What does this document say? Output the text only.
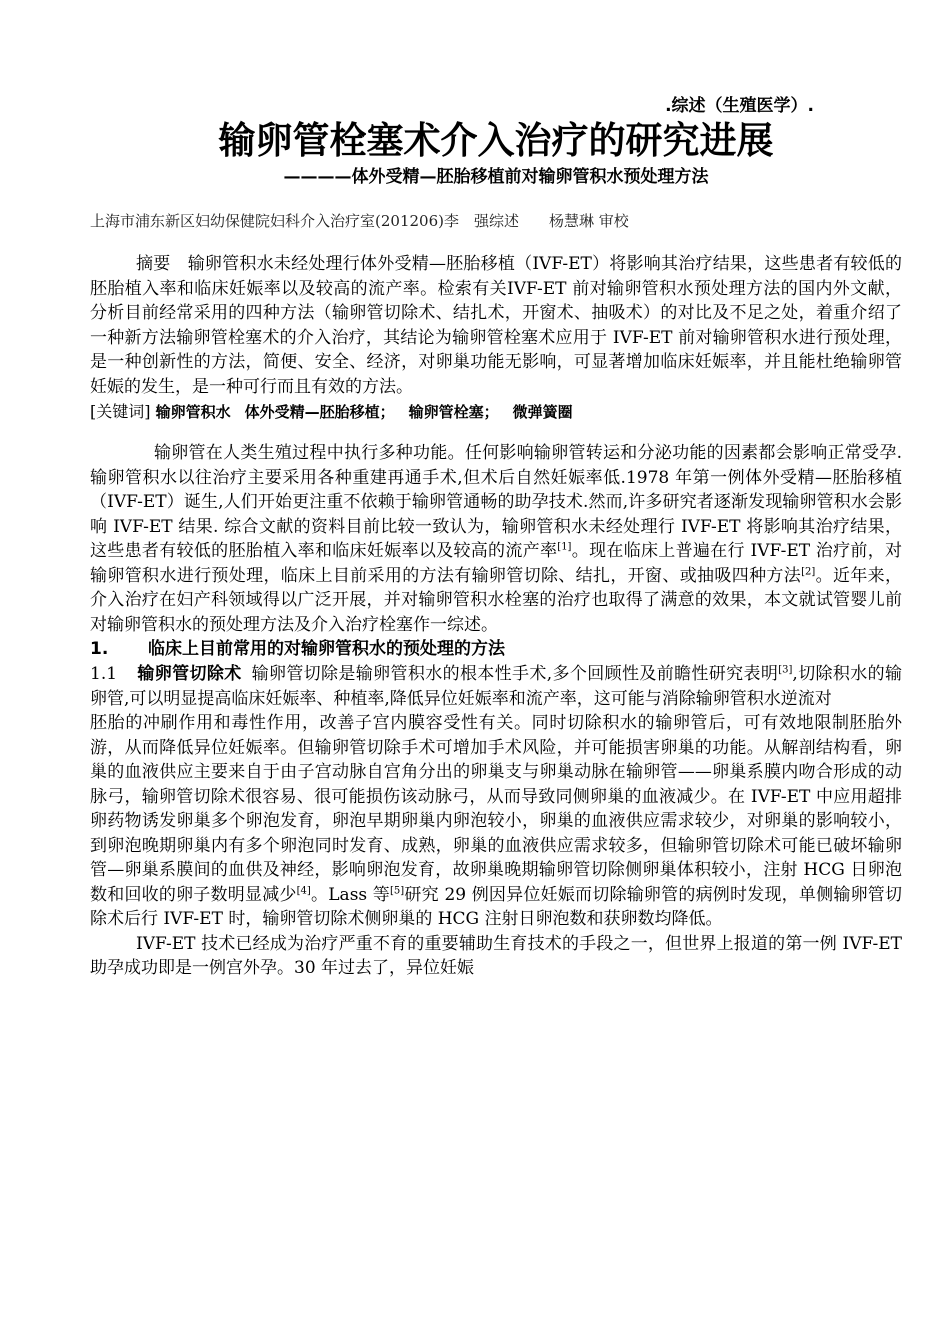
.综述（生殖医学）.
输卵管栓塞术介入治疗的研究进展
————体外受精—胚胎移植前对输卵管积水预处理方法
上海市浦东新区妇幼保健院妇科介入治疗室(201206)李　强综述　　杨慧琳 审校
摘要　 输卵管积水未经处理行体外受精—胚胎移植（IVF-ET）将影响其治疗结果，这些患者有较低的胚胎植入率和临床妊娠率以及较高的流产率。检索有关IVF-ET 前对输卵管积水预处理方法的国内外文献，分析目前经常采用的四种方法（输卵管切除术、结扎术，开窗术、抽吸术）的对比及不足之处，着重介绍了一种新方法输卵管栓塞术的介入治疗，其结论为输卵管栓塞术应用于 IVF-ET 前对输卵管积水进行预处理，是一种创新性的方法，简便、安全、经济，对卵巢功能无影响，可显著增加临床妊娠率，并且能杜绝输卵管妊娠的发生，是一种可行而且有效的方法。
[关键词] 输卵管积水 体外受精—胚胎移植； 输卵管栓塞； 微弹簧圈
输卵管在人类生殖过程中执行多种功能。任何影响输卵管转运和分泌功能的因素都会影响正常受孕.输卵管积水以往治疗主要采用各种重建再通手术,但术后自然妊娠率低.1978 年第一例体外受精—胚胎移植（IVF-ET）诞生,人们开始更注重不依赖于输卵管通畅的助孕技术.然而,许多研究者逐渐发现输卵管积水会影响 IVF-ET 结果. 综合文献的资料目前比较一致认为，输卵管积水未经处理行 IVF-ET 将影响其治疗结果，这些患者有较低的胚胎植入率和临床妊娠率以及较高的流产率[1]。现在临床上普遍在行 IVF-ET 治疗前，对输卵管积水进行预处理，临床上目前采用的方法有输卵管切除、结扎，开窗、或抽吸四种方法[2]。近年来，介入治疗在妇产科领域得以广泛开展，并对输卵管积水栓塞的治疗也取得了满意的效果，本文就试管婴儿前对输卵管积水的预处理方法及介入治疗栓塞作一综述。
1. 临床上目前常用的对输卵管积水的预处理的方法
1.1 输卵管切除术 输卵管切除是输卵管积水的根本性手术,多个回顾性及前瞻性研究表明[3],切除积水的输卵管,可以明显提高临床妊娠率、种植率,降低异位妊娠率和流产率，这可能与消除输卵管积水逆流对
胚胎的冲刷作用和毒性作用，改善子宫内膜容受性有关。同时切除积水的输卵管后，可有效地限制胚胎外游，从而降低异位妊娠率。但输卵管切除手术可增加手术风险，并可能损害卵巢的功能。从解剖结构看，卵巢的血液供应主要来自于由子宫动脉自宫角分出的卵巢支与卵巢动脉在输卵管——卵巢系膜内吻合形成的动脉弓，输卵管切除术很容易、很可能损伤该动脉弓，从而导致同侧卵巢的血液减少。在 IVF-ET 中应用超排卵药物诱发卵巢多个卵泡发育，卵泡早期卵巢内卵泡较小，卵巢的血液供应需求较少，对卵巢的影响较小，到卵泡晚期卵巢内有多个卵泡同时发育、成熟，卵巢的血液供应需求较多，但输卵管切除术可能已破坏输卵管—卵巢系膜间的血供及神经，影响卵泡发育，故卵巢晚期输卵管切除侧卵巢体积较小，注射 HCG 日卵泡数和回收的卵子数明显减少[4]。Lass 等[5]研究 29 例因异位妊娠而切除输卵管的病例时发现，单侧输卵管切除术后行 IVF-ET 时，输卵管切除术侧卵巢的 HCG 注射日卵泡数和获卵数均降低。
IVF-ET 技术已经成为治疗严重不育的重要辅助生育技术的手段之一，但世界上报道的第一例 IVF-ET 助孕成功即是一例宫外孕。30 年过去了，异位妊娠
